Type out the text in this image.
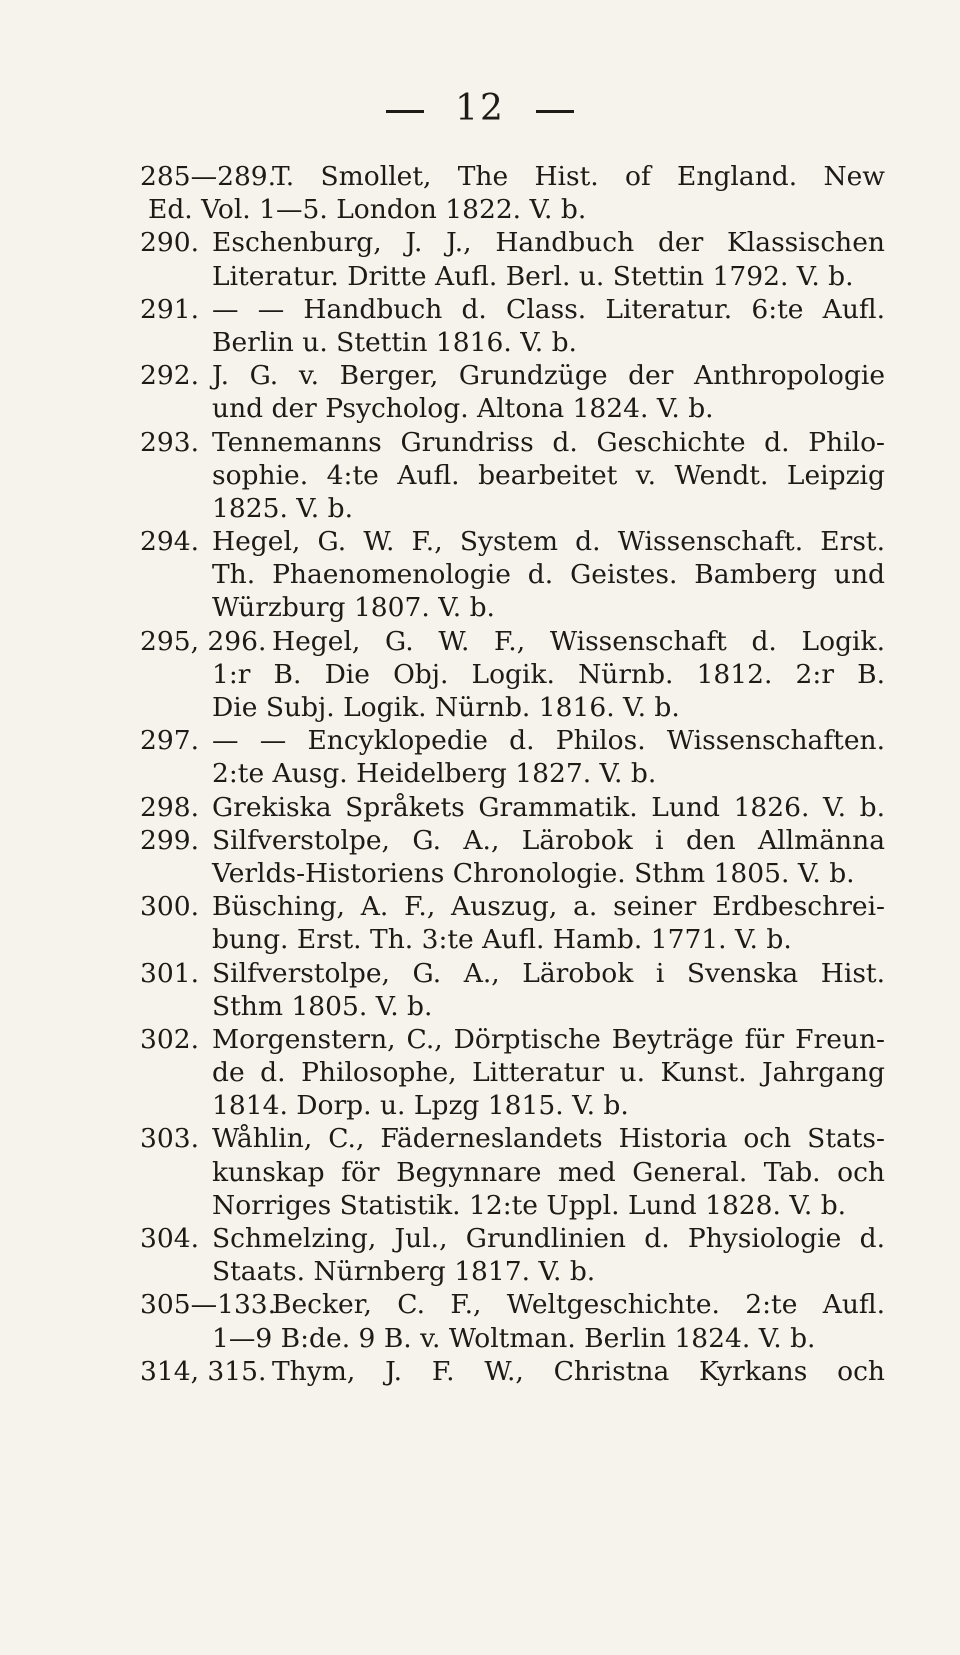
12
285—289.
T. Smollet, The Hist. of England. New
Ed. Vol. 1—5. London 1822. V. b.
290. Eschenburg, J. J., Handbuch der Klassischen
Literatur. Dritte Aufl. Berl. u. Stettin 1792. V. b.
291. — — Handbuch d. Class. Literatur. 6:te Aufl.
Berlin u. Stettin 1816. V. b.
292. J. G. v. Berger, Grundzüge der Anthropologie
und der Psycholog. Altona 1824. V. b.
293. Tennemanns Grundriss d. Geschichte d. Philo-
sophie. 4:te Aufl. bearbeitet v. Wendt. Leipzig
1825. V. b.
294. Hegel, G. W. F., System d. Wissenschaft. Erst.
Th. Phaenomenologie d. Geistes. Bamberg und
Würzburg 1807. V. b.
295, 296. Hegel, G. W. F., Wissenschaft d. Logik.
1:r B. Die Obj. Logik. Nürnb. 1812. 2:r B.
Die Subj. Logik. Nürnb. 1816. V. b.
297. — — Encyklopedie d. Philos. Wissenschaften.
2:te Ausg. Heidelberg 1827. V. b.
298. Grekiska Språkets Grammatik. Lund 1826. V. b.
299. Silfverstolpe, G. A., Lärobok i den Allmänna
Verlds-Historiens Chronologie. Sthm 1805. V. b.
300. Büsching, A. F., Auszug, a. seiner Erdbeschrei-
bung. Erst. Th. 3:te Aufl. Hamb. 1771. V. b.
301. Silfverstolpe, G. A., Lärobok i Svenska Hist.
Sthm 1805. V. b.
302. Morgenstern, C., Dörptische Beyträge für Freun-
de d. Philosophe, Litteratur u. Kunst. Jahrgang
1814. Dorp. u. Lpzg 1815. V. b.
303. Wåhlin, C., Fäderneslandets Historia och Stats-
kunskap för Begynnare med General. Tab. och
Norriges Statistik. 12:te Uppl. Lund 1828. V. b.
304. Schmelzing, Jul., Grundlinien d. Physiologie d.
Staats. Nürnberg 1817. V. b.
305—133.
Becker, C. F., Weltgeschichte. 2:te Aufl.
1—9 B:de. 9 B. v. Woltman. Berlin 1824. V. b.
314, 315. Thym, J. F. W., Christna Kyrkans och
